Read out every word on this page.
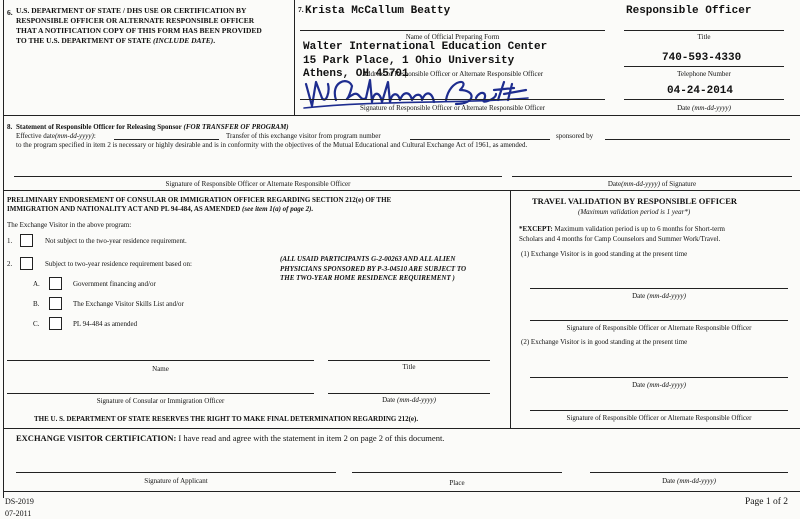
6. U.S. DEPARTMENT OF STATE / DHS USE OR CERTIFICATION BY
RESPONSIBLE OFFICER OR ALTERNATE RESPONSIBLE OFFICER
THAT A NOTIFICATION COPY OF THIS FORM HAS BEEN PROVIDED
TO THE U.S. DEPARTMENT OF STATE (INCLUDE DATE).
7. Krista McCallum Beatty	Responsible Officer
Name of Official Preparing Form	Title
Walter International Education Center
15 Park Place, 1 Ohio University
Athens, OH 45701
740-593-4330
Address of Responsible Officer or Alternate Responsible Officer	Telephone Number
04-24-2014
Signature of Responsible Officer or Alternate Responsible Officer	Date (mm-dd-yyyy)
8. Statement of Responsible Officer for Releasing Sponsor (FOR TRANSFER OF PROGRAM)
Effective date(mm-dd-yyyy):	Transfer of this exchange visitor from program number	sponsored by
to the program specified in item 2 is necessary or highly desirable and is in conformity with the objectives of the Mutual Educational and Cultural Exchange Act of 1961, as amended.
Signature of Responsible Officer or Alternate Responsible Officer	Date(mm-dd-yyyy) of Signature
PRELIMINARY ENDORSEMENT OF CONSULAR OR IMMIGRATION OFFICER REGARDING SECTION 212(e) OF THE
IMMIGRATION AND NATIONALITY ACT AND PL 94-484, AS AMENDED (see item 1(a) of page 2).
The Exchange Visitor in the above program:
1.	Not subject to the two-year residence requirement.
2.	Subject to two-year residence requirement based on:
A.	Government financing and/or
B.	The Exchange Visitor Skills List and/or
C.	PL 94-484 as amended
(ALL USAID PARTICIPANTS G-2-00263 AND ALL ALIEN
PHYSICIANS SPONSORED BY P-3-04510 ARE SUBJECT TO
THE TWO-YEAR HOME RESIDENCE REQUIREMENT )
Name	Title
Signature of Consular or Immigration Officer	Date (mm-dd-yyyy)
THE U. S. DEPARTMENT OF STATE RESERVES THE RIGHT TO MAKE FINAL DETERMINATION REGARDING 212(e).
TRAVEL VALIDATION BY RESPONSIBLE OFFICER
(Maximum validation period is 1 year*)
*EXCEPT: Maximum validation period is up to 6 months for Short-term
Scholars and 4 months for Camp Counselors and Summer Work/Travel.
(1) Exchange Visitor is in good standing at the present time
Date (mm-dd-yyyy)
Signature of Responsible Officer or Alternate Responsible Officer
(2) Exchange Visitor is in good standing at the present time
Date (mm-dd-yyyy)
Signature of Responsible Officer or Alternate Responsible Officer
EXCHANGE VISITOR CERTIFICATION: I have read and agree with the statement in item 2 on page 2 of this document.
Signature of Applicant	Place	Date (mm-dd-yyyy)
DS-2019
07-2011
Page 1 of 2
